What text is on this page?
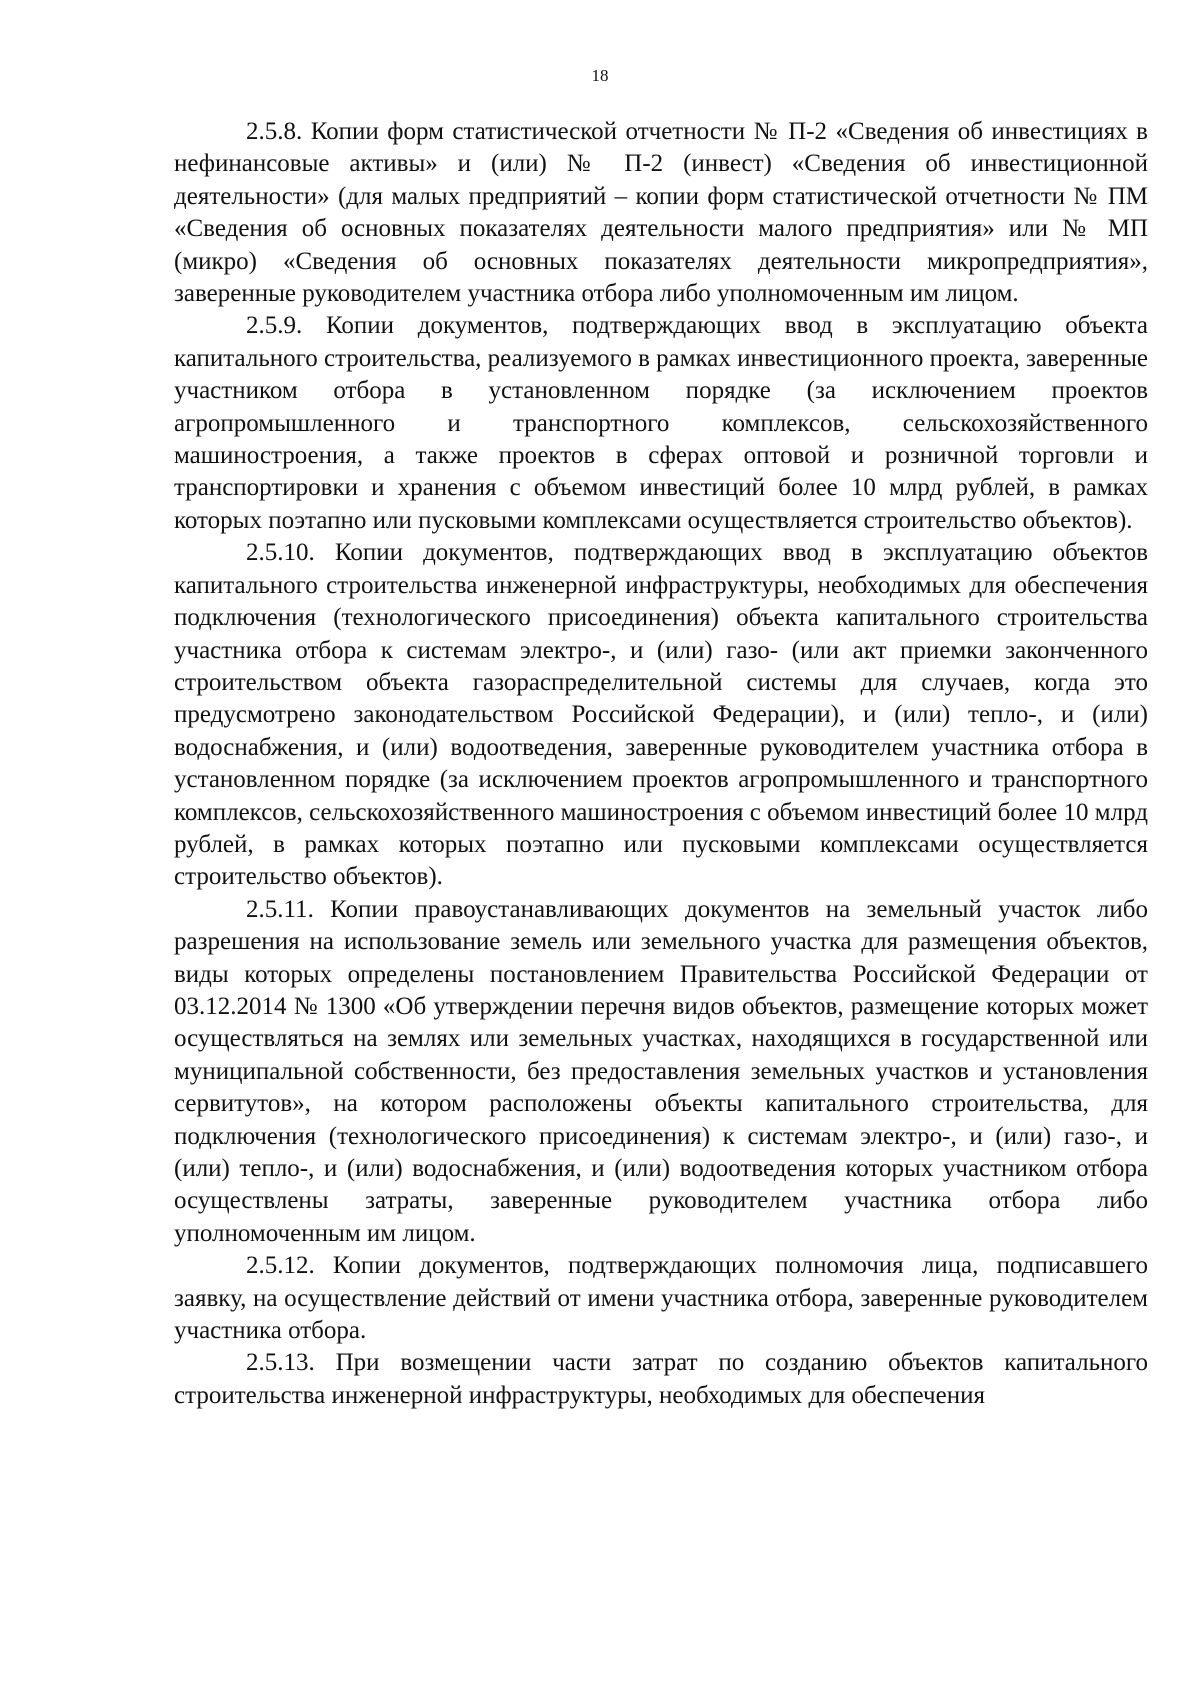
18

2.5.8. Копии форм статистической отчетности № П-2 «Сведения об инвестициях в нефинансовые активы» и (или) № П-2 (инвест) «Сведения об инвестиционной деятельности» (для малых предприятий – копии форм статистической отчетности № ПМ «Сведения об основных показателях деятельности малого предприятия» или № МП (микро) «Сведения об основных показателях деятельности микропредприятия», заверенные руководителем участника отбора либо уполномоченным им лицом.

2.5.9. Копии документов, подтверждающих ввод в эксплуатацию объекта капитального строительства, реализуемого в рамках инвестиционного проекта, заверенные участником отбора в установленном порядке (за исключением проектов агропромышленного и транспортного комплексов, сельскохозяйственного машиностроения, а также проектов в сферах оптовой и розничной торговли и транспортировки и хранения с объемом инвестиций более 10 млрд рублей, в рамках которых поэтапно или пусковыми комплексами осуществляется строительство объектов).

2.5.10. Копии документов, подтверждающих ввод в эксплуатацию объектов капитального строительства инженерной инфраструктуры, необходимых для обеспечения подключения (технологического присоединения) объекта капитального строительства участника отбора к системам электро-, и (или) газо- (или акт приемки законченного строительством объекта газораспределительной системы для случаев, когда это предусмотрено законодательством Российской Федерации), и (или) тепло-, и (или) водоснабжения, и (или) водоотведения, заверенные руководителем участника отбора в установленном порядке (за исключением проектов агропромышленного и транспортного комплексов, сельскохозяйственного машиностроения с объемом инвестиций более 10 млрд рублей, в рамках которых поэтапно или пусковыми комплексами осуществляется строительство объектов).

2.5.11. Копии правоустанавливающих документов на земельный участок либо разрешения на использование земель или земельного участка для размещения объектов, виды которых определены постановлением Правительства Российской Федерации от 03.12.2014 № 1300 «Об утверждении перечня видов объектов, размещение которых может осуществляться на землях или земельных участках, находящихся в государственной или муниципальной собственности, без предоставления земельных участков и установления сервитутов», на котором расположены объекты капитального строительства, для подключения (технологического присоединения) к системам электро-, и (или) газо-, и (или) тепло-, и (или) водоснабжения, и (или) водоотведения которых участником отбора осуществлены затраты, заверенные руководителем участника отбора либо уполномоченным им лицом.

2.5.12. Копии документов, подтверждающих полномочия лица, подписавшего заявку, на осуществление действий от имени участника отбора, заверенные руководителем участника отбора.

2.5.13. При возмещении части затрат по созданию объектов капитального строительства инженерной инфраструктуры, необходимых для обеспечения
